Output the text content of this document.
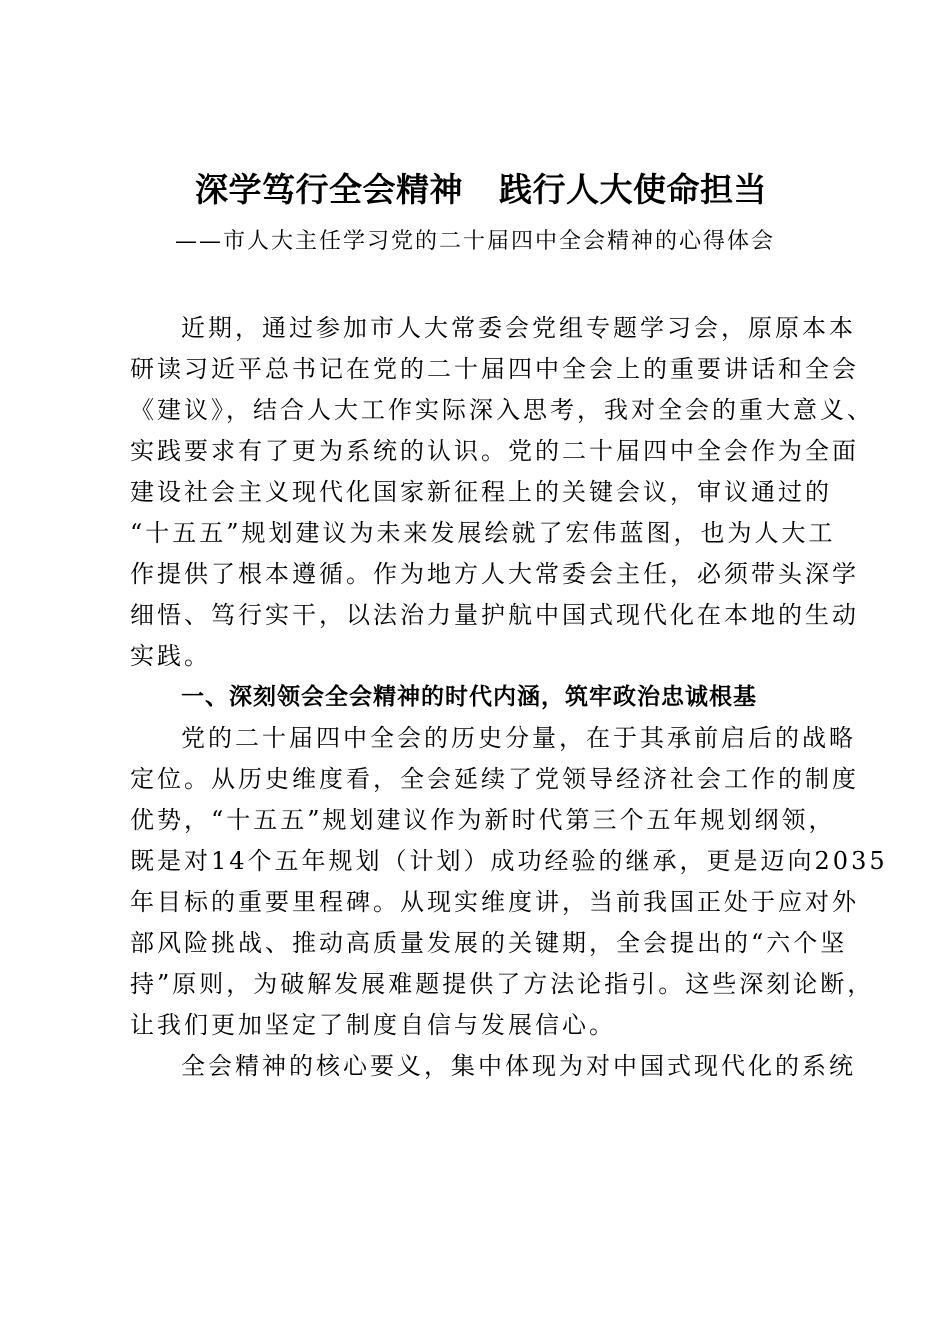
深学笃行全会精神   践行人大使命担当
——市人大主任学习党的二十届四中全会精神的心得体会
近期，通过参加市人大常委会党组专题学习会，原原本本
研读习近平总书记在党的二十届四中全会上的重要讲话和全会
《建议》，结合人大工作实际深入思考，我对全会的重大意义、
实践要求有了更为系统的认识。党的二十届四中全会作为全面
建设社会主义现代化国家新征程上的关键会议，审议通过的
“十五五”规划建议为未来发展绘就了宏伟蓝图，也为人大工
作提供了根本遵循。作为地方人大常委会主任，必须带头深学
细悟、笃行实干，以法治力量护航中国式现代化在本地的生动
实践。
一、深刻领会全会精神的时代内涵，筑牢政治忠诚根基
党的二十届四中全会的历史分量，在于其承前启后的战略
定位。从历史维度看，全会延续了党领导经济社会工作的制度
优势，“十五五”规划建议作为新时代第三个五年规划纲领，
既是对14个五年规划（计划）成功经验的继承，更是迈向2035
年目标的重要里程碑。从现实维度讲，当前我国正处于应对外
部风险挑战、推动高质量发展的关键期，全会提出的“六个坚
持”原则，为破解发展难题提供了方法论指引。这些深刻论断，
让我们更加坚定了制度自信与发展信心。
全会精神的核心要义，集中体现为对中国式现代化的系统
